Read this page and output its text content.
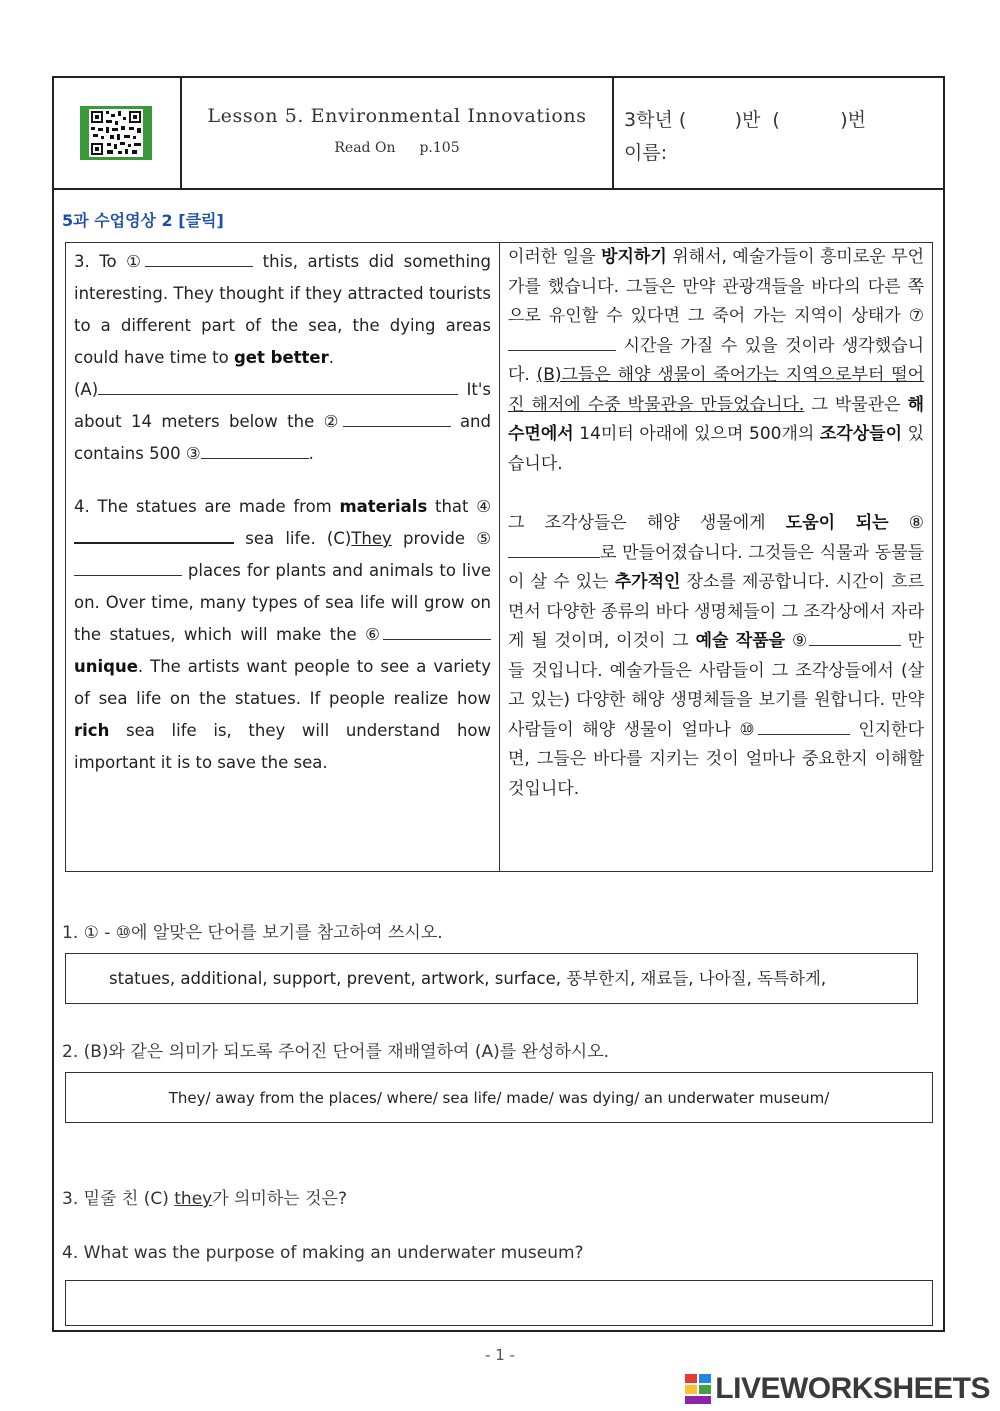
Lesson 5. Environmental Innovations
Read On p.105
3학년 (        )반  (          )번
이름:
5과 수업영상 2 [클릭]

3. To ①	this, artists did something interesting. They thought if they attracted tourists to a different part of the sea, the dying areas could have time to get better.
(A)	It's about 14 meters below the ②	and contains 500 ③	.

4. The statues are made from materials that ④ sea life. (C)They provide ⑤ places for plants and animals to live on. Over time, many types of sea life will grow on the statues, which will make the ⑥ unique. The artists want people to see a variety of sea life on the statues. If people realize how rich sea life is, they will understand how important it is to save the sea.

이러한 일을 방지하기 위해서, 예술가들이 흥미로운 무언가를 했습니다. 그들은 만약 관광객들을 바다의 다른 쪽으로 유인할 수 있다면 그 죽어 가는 지역이 상태가 ⑦ 시간을 가질 수 있을 것이라 생각했습니다. (B)그들은 해양 생물이 죽어가는 지역으로부터 떨어진 해저에 수중 박물관을 만들었습니다. 그 박물관은 해수면에서 14미터 아래에 있으며 500개의 조각상들이 있습니다.

그 조각상들은 해양 생물에게 도움이 되는 ⑧로 만들어졌습니다. 그것들은 식물과 동물들이 살 수 있는 추가적인 장소를 제공합니다. 시간이 흐르면서 다양한 종류의 바다 생명체들이 그 조각상에서 자라게 될 것이며, 이것이 그 예술 작품을 ⑨	만들 것입니다. 예술가들은 사람들이 그 조각상들에서 (살고 있는) 다양한 해양 생명체들을 보기를 원합니다. 만약 사람들이 해양 생물이 얼마나 ⑩	인지한다면, 그들은 바다를 지키는 것이 얼마나 중요한지 이해할 것입니다.

1. ① - ⑩에 알맞은 단어를 보기를 참고하여 쓰시오.
statues, additional, support, prevent, artwork, surface, 풍부한지, 재료들, 나아질, 독특하게,
2. (B)와 같은 의미가 되도록 주어진 단어를 재배열하여 (A)를 완성하시오.
They/ away from the places/ where/ sea life/ made/ was dying/ an underwater museum/
3. 밑줄 친 (C) they가 의미하는 것은?
4. What was the purpose of making an underwater museum?
- 1 -
LIVEWORKSHEETS
